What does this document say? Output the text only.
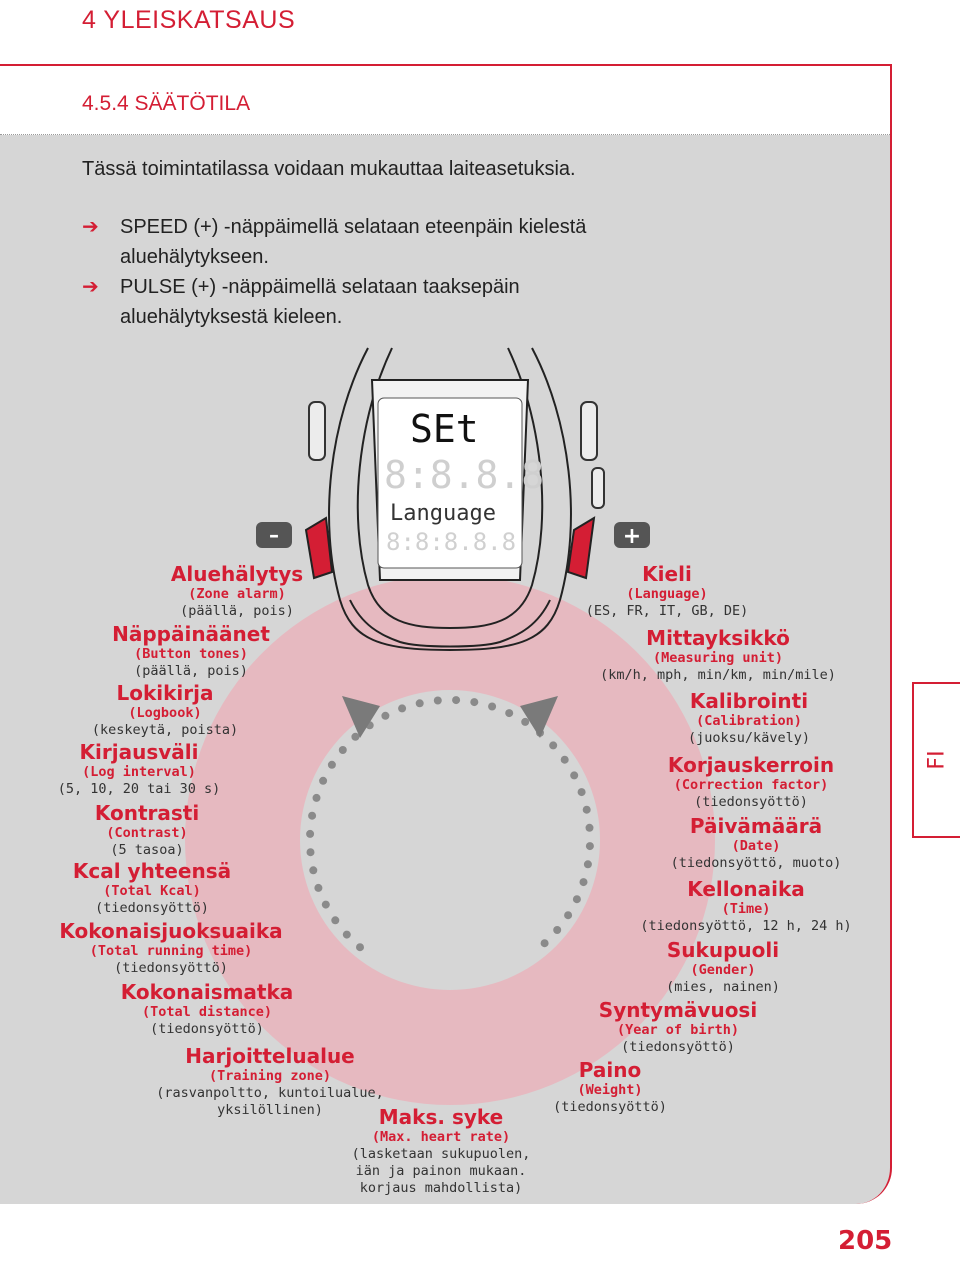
4 YLEISKATSAUS
4.5.4 SÄÄTÖTILA
Tässä toimintatilassa voidaan mukauttaa laiteasetuksia.
➔ SPEED (+) -näppäimellä selataan eteenpäin kielestä aluehälytykseen.
➔ PULSE (+) -näppäimellä selataan taaksepäin aluehälytyksestä kieleen.
SEt
8:8.8.8
Language
8:8:8.8.8
–	+
Aluehälytys
(Zone alarm)
(päällä, pois)
Näppäinäänet
(Button tones)
(päällä, pois)
Lokikirja
(Logbook)
(keskeytä, poista)
Kirjausväli
(Log interval)
(5, 10, 20 tai 30 s)
Kontrasti
(Contrast)
(5 tasoa)
Kcal yhteensä
(Total Kcal)
(tiedonsyöttö)
Kokonaisjuoksuaika
(Total running time)
(tiedonsyöttö)
Kokonaismatka
(Total distance)
(tiedonsyöttö)
Harjoittelualue
(Training zone)
(rasvanpoltto, kuntoilualue,
yksilöllinen)	Maks. syke
(Max. heart rate)
(lasketaan sukupuolen,
iän ja painon mukaan.
korjaus mahdollista)
Kieli
(Language)
(ES, FR, IT, GB, DE)
Mittayksikkö
(Measuring unit)
(km/h, mph, min/km, min/mile)
Kalibrointi
(Calibration)
(juoksu/kävely)
Korjauskerroin
(Correction factor)
(tiedonsyöttö)
Päivämäärä
(Date)
(tiedonsyöttö, muoto)
Kellonaika
(Time)
(tiedonsyöttö, 12 h, 24 h)
Sukupuoli
(Gender)
(mies, nainen)
Syntymävuosi
(Year of birth)
(tiedonsyöttö)
Paino
(Weight)
(tiedonsyöttö)
FI
205
